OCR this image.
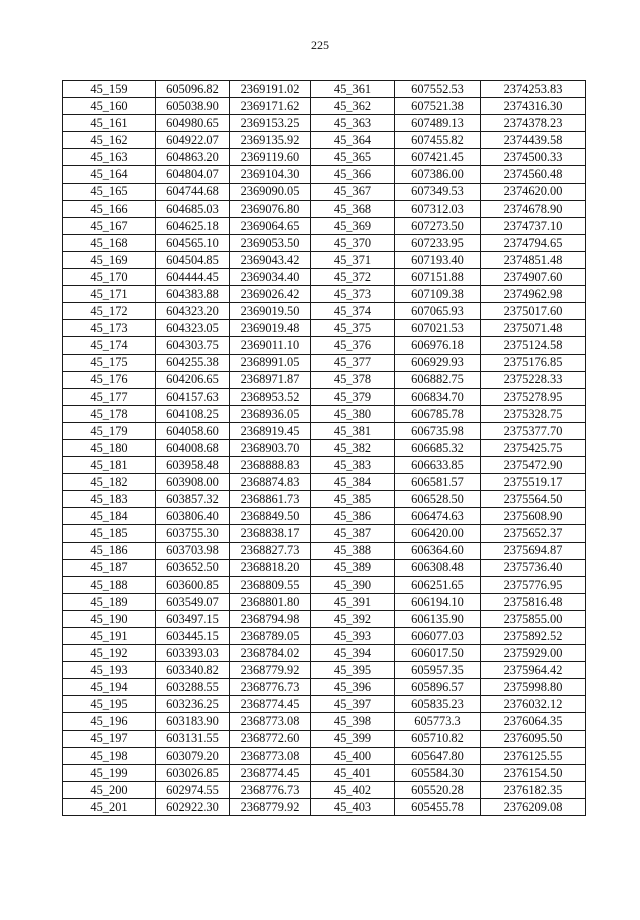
225
45_159	605096.82	2369191.02	45_361	607552.53	2374253.83
45_160	605038.90	2369171.62	45_362	607521.38	2374316.30
45_161	604980.65	2369153.25	45_363	607489.13	2374378.23
45_162	604922.07	2369135.92	45_364	607455.82	2374439.58
45_163	604863.20	2369119.60	45_365	607421.45	2374500.33
45_164	604804.07	2369104.30	45_366	607386.00	2374560.48
45_165	604744.68	2369090.05	45_367	607349.53	2374620.00
45_166	604685.03	2369076.80	45_368	607312.03	2374678.90
45_167	604625.18	2369064.65	45_369	607273.50	2374737.10
45_168	604565.10	2369053.50	45_370	607233.95	2374794.65
45_169	604504.85	2369043.42	45_371	607193.40	2374851.48
45_170	604444.45	2369034.40	45_372	607151.88	2374907.60
45_171	604383.88	2369026.42	45_373	607109.38	2374962.98
45_172	604323.20	2369019.50	45_374	607065.93	2375017.60
45_173	604323.05	2369019.48	45_375	607021.53	2375071.48
45_174	604303.75	2369011.10	45_376	606976.18	2375124.58
45_175	604255.38	2368991.05	45_377	606929.93	2375176.85
45_176	604206.65	2368971.87	45_378	606882.75	2375228.33
45_177	604157.63	2368953.52	45_379	606834.70	2375278.95
45_178	604108.25	2368936.05	45_380	606785.78	2375328.75
45_179	604058.60	2368919.45	45_381	606735.98	2375377.70
45_180	604008.68	2368903.70	45_382	606685.32	2375425.75
45_181	603958.48	2368888.83	45_383	606633.85	2375472.90
45_182	603908.00	2368874.83	45_384	606581.57	2375519.17
45_183	603857.32	2368861.73	45_385	606528.50	2375564.50
45_184	603806.40	2368849.50	45_386	606474.63	2375608.90
45_185	603755.30	2368838.17	45_387	606420.00	2375652.37
45_186	603703.98	2368827.73	45_388	606364.60	2375694.87
45_187	603652.50	2368818.20	45_389	606308.48	2375736.40
45_188	603600.85	2368809.55	45_390	606251.65	2375776.95
45_189	603549.07	2368801.80	45_391	606194.10	2375816.48
45_190	603497.15	2368794.98	45_392	606135.90	2375855.00
45_191	603445.15	2368789.05	45_393	606077.03	2375892.52
45_192	603393.03	2368784.02	45_394	606017.50	2375929.00
45_193	603340.82	2368779.92	45_395	605957.35	2375964.42
45_194	603288.55	2368776.73	45_396	605896.57	2375998.80
45_195	603236.25	2368774.45	45_397	605835.23	2376032.12
45_196	603183.90	2368773.08	45_398	605773.3	2376064.35
45_197	603131.55	2368772.60	45_399	605710.82	2376095.50
45_198	603079.20	2368773.08	45_400	605647.80	2376125.55
45_199	603026.85	2368774.45	45_401	605584.30	2376154.50
45_200	602974.55	2368776.73	45_402	605520.28	2376182.35
45_201	602922.30	2368779.92	45_403	605455.78	2376209.08
